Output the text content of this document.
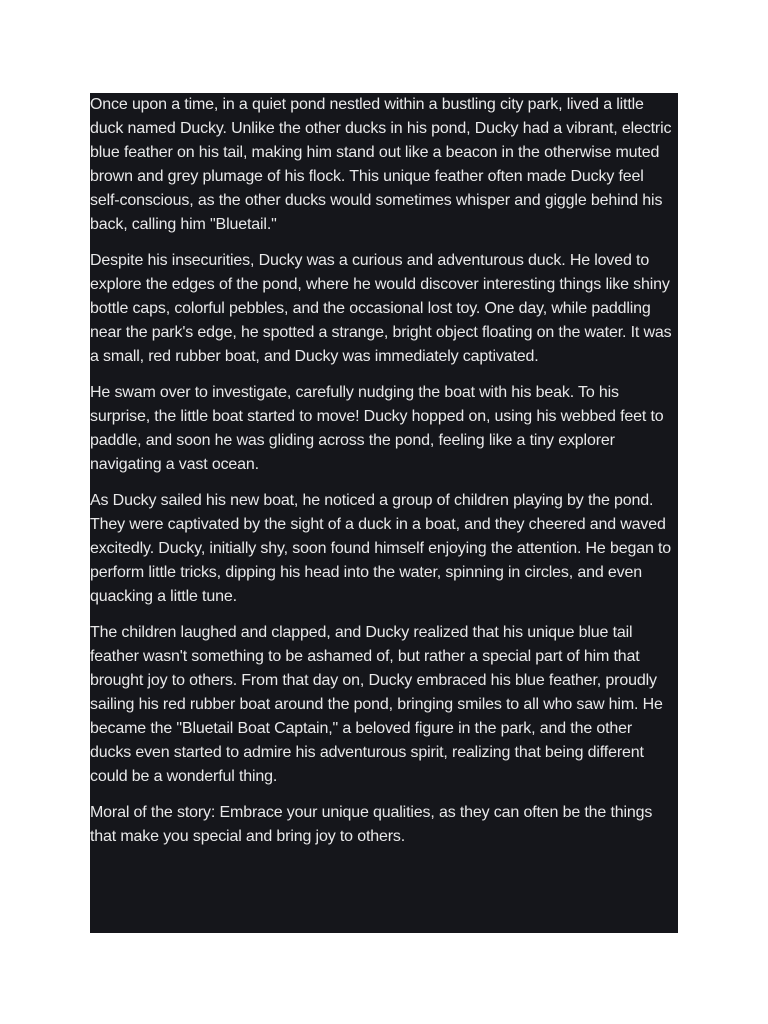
Once upon a time, in a quiet pond nestled within a bustling city park, lived a little duck named Ducky. Unlike the other ducks in his pond, Ducky had a vibrant, electric blue feather on his tail, making him stand out like a beacon in the otherwise muted brown and grey plumage of his flock. This unique feather often made Ducky feel self-conscious, as the other ducks would sometimes whisper and giggle behind his back, calling him "Bluetail."

Despite his insecurities, Ducky was a curious and adventurous duck. He loved to explore the edges of the pond, where he would discover interesting things like shiny bottle caps, colorful pebbles, and the occasional lost toy. One day, while paddling near the park's edge, he spotted a strange, bright object floating on the water. It was a small, red rubber boat, and Ducky was immediately captivated.

He swam over to investigate, carefully nudging the boat with his beak. To his surprise, the little boat started to move! Ducky hopped on, using his webbed feet to paddle, and soon he was gliding across the pond, feeling like a tiny explorer navigating a vast ocean.

As Ducky sailed his new boat, he noticed a group of children playing by the pond. They were captivated by the sight of a duck in a boat, and they cheered and waved excitedly. Ducky, initially shy, soon found himself enjoying the attention. He began to perform little tricks, dipping his head into the water, spinning in circles, and even quacking a little tune.

The children laughed and clapped, and Ducky realized that his unique blue tail feather wasn't something to be ashamed of, but rather a special part of him that brought joy to others. From that day on, Ducky embraced his blue feather, proudly sailing his red rubber boat around the pond, bringing smiles to all who saw him. He became the "Bluetail Boat Captain," a beloved figure in the park, and the other ducks even started to admire his adventurous spirit, realizing that being different could be a wonderful thing.

Moral of the story: Embrace your unique qualities, as they can often be the things that make you special and bring joy to others.
